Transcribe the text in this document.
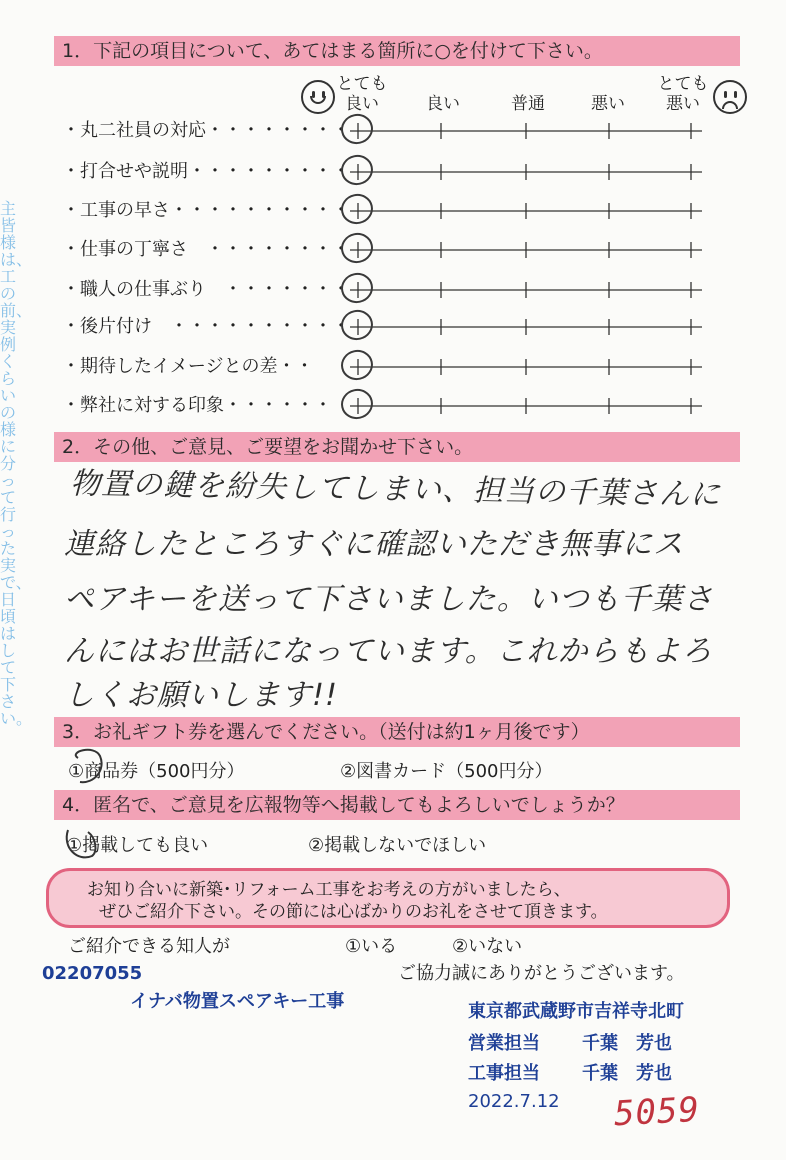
主皆様は、工の前、実例くらいの様に分って行った実で、日頃はして下さい。
1．下記の項目について、あてはまる箇所に○を付けて下さい。
とても
良い	良い	普通	悪い
とても
悪い
・丸二社員の対応・・・・・・・・
・打合せや説明・・・・・・・・・
・工事の早さ・・・・・・・・・・
・仕事の丁寧さ　・・・・・・・・
・職人の仕事ぶり　・・・・・・・
・後片付け　・・・・・・・・・・
・期待したイメージとの差・・
・弊社に対する印象・・・・・・
2．その他、ご意見、ご要望をお聞かせ下さい。
物置の鍵を紛失してしまい、担当の千葉さんに
連絡したところすぐに確認いただき無事にス
ペアキーを送って下さいました。いつも千葉さ
んにはお世話になっています。これからもよろ
しくお願いします!!
3．お礼ギフト券を選んでください。（送付は約1ヶ月後です）
①商品券（500円分）	②図書カード（500円分）
4．匿名で、ご意見を広報物等へ掲載してもよろしいでしょうか？
①掲載しても良い	②掲載しないでほしい
お知り合いに新築･リフォーム工事をお考えの方がいましたら、
ぜひご紹介下さい。その節には心ばかりのお礼をさせて頂きます。
ご紹介できる知人が	①いる	②いない
ご協力誠にありがとうございます。
02207055
イナバ物置スペアキー工事	東京都武蔵野市吉祥寺北町
営業担当 千葉　芳也
工事担当 千葉　芳也
2022.7.12 5059
